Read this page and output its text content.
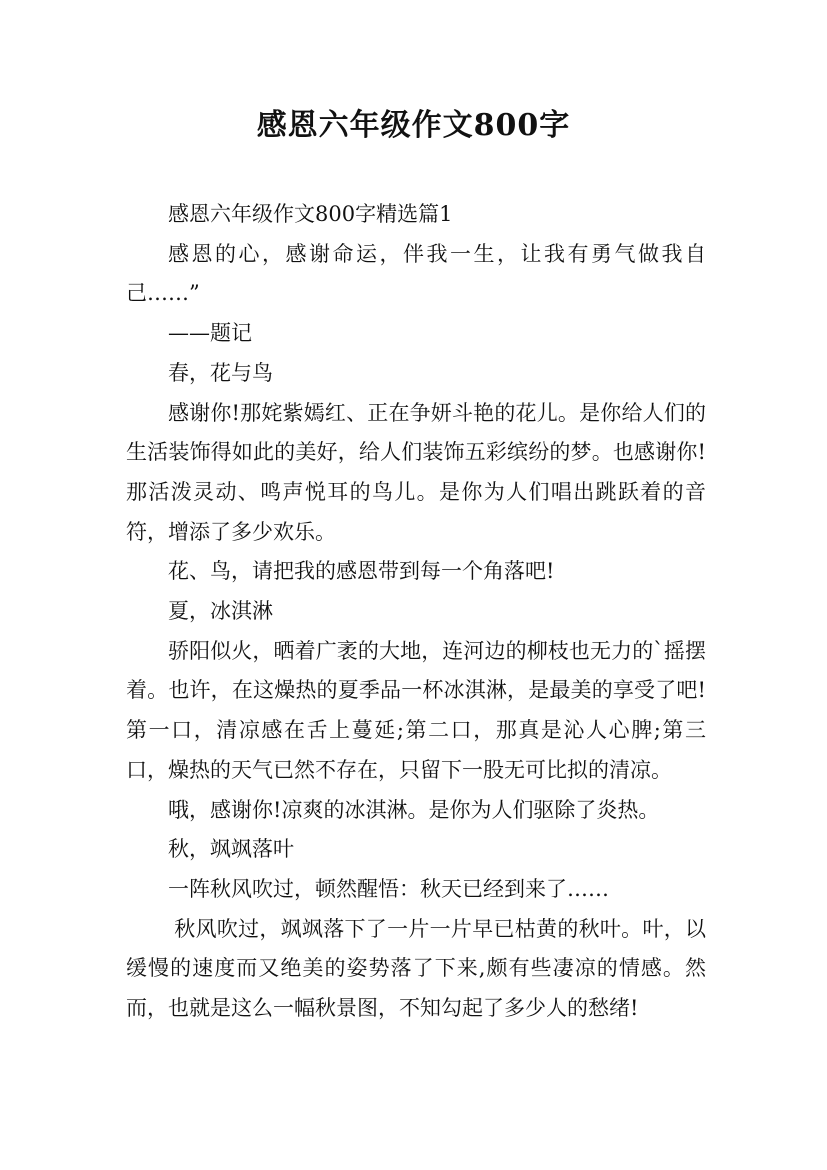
感恩六年级作文800字

感恩六年级作文800字精选篇1

感恩的心，感谢命运，伴我一生，让我有勇气做我自己……”

——题记

春，花与鸟

感谢你!那姹紫嫣红、正在争妍斗艳的花儿。是你给人们的生活装饰得如此的美好，给人们装饰五彩缤纷的梦。也感谢你!那活泼灵动、鸣声悦耳的鸟儿。是你为人们唱出跳跃着的音符，增添了多少欢乐。

花、鸟，请把我的感恩带到每一个角落吧!

夏，冰淇淋

骄阳似火，晒着广袤的大地，连河边的柳枝也无力的`摇摆着。也许，在这燥热的夏季品一杯冰淇淋，是最美的享受了吧!第一口，清凉感在舌上蔓延;第二口，那真是沁人心脾;第三口，燥热的天气已然不存在，只留下一股无可比拟的清凉。

哦，感谢你!凉爽的冰淇淋。是你为人们驱除了炎热。

秋，飒飒落叶

一阵秋风吹过，顿然醒悟：秋天已经到来了……

秋风吹过，飒飒落下了一片一片早已枯黄的秋叶。叶，以缓慢的速度而又绝美的姿势落了下来,颇有些凄凉的情感。然而，也就是这么一幅秋景图，不知勾起了多少人的愁绪!
